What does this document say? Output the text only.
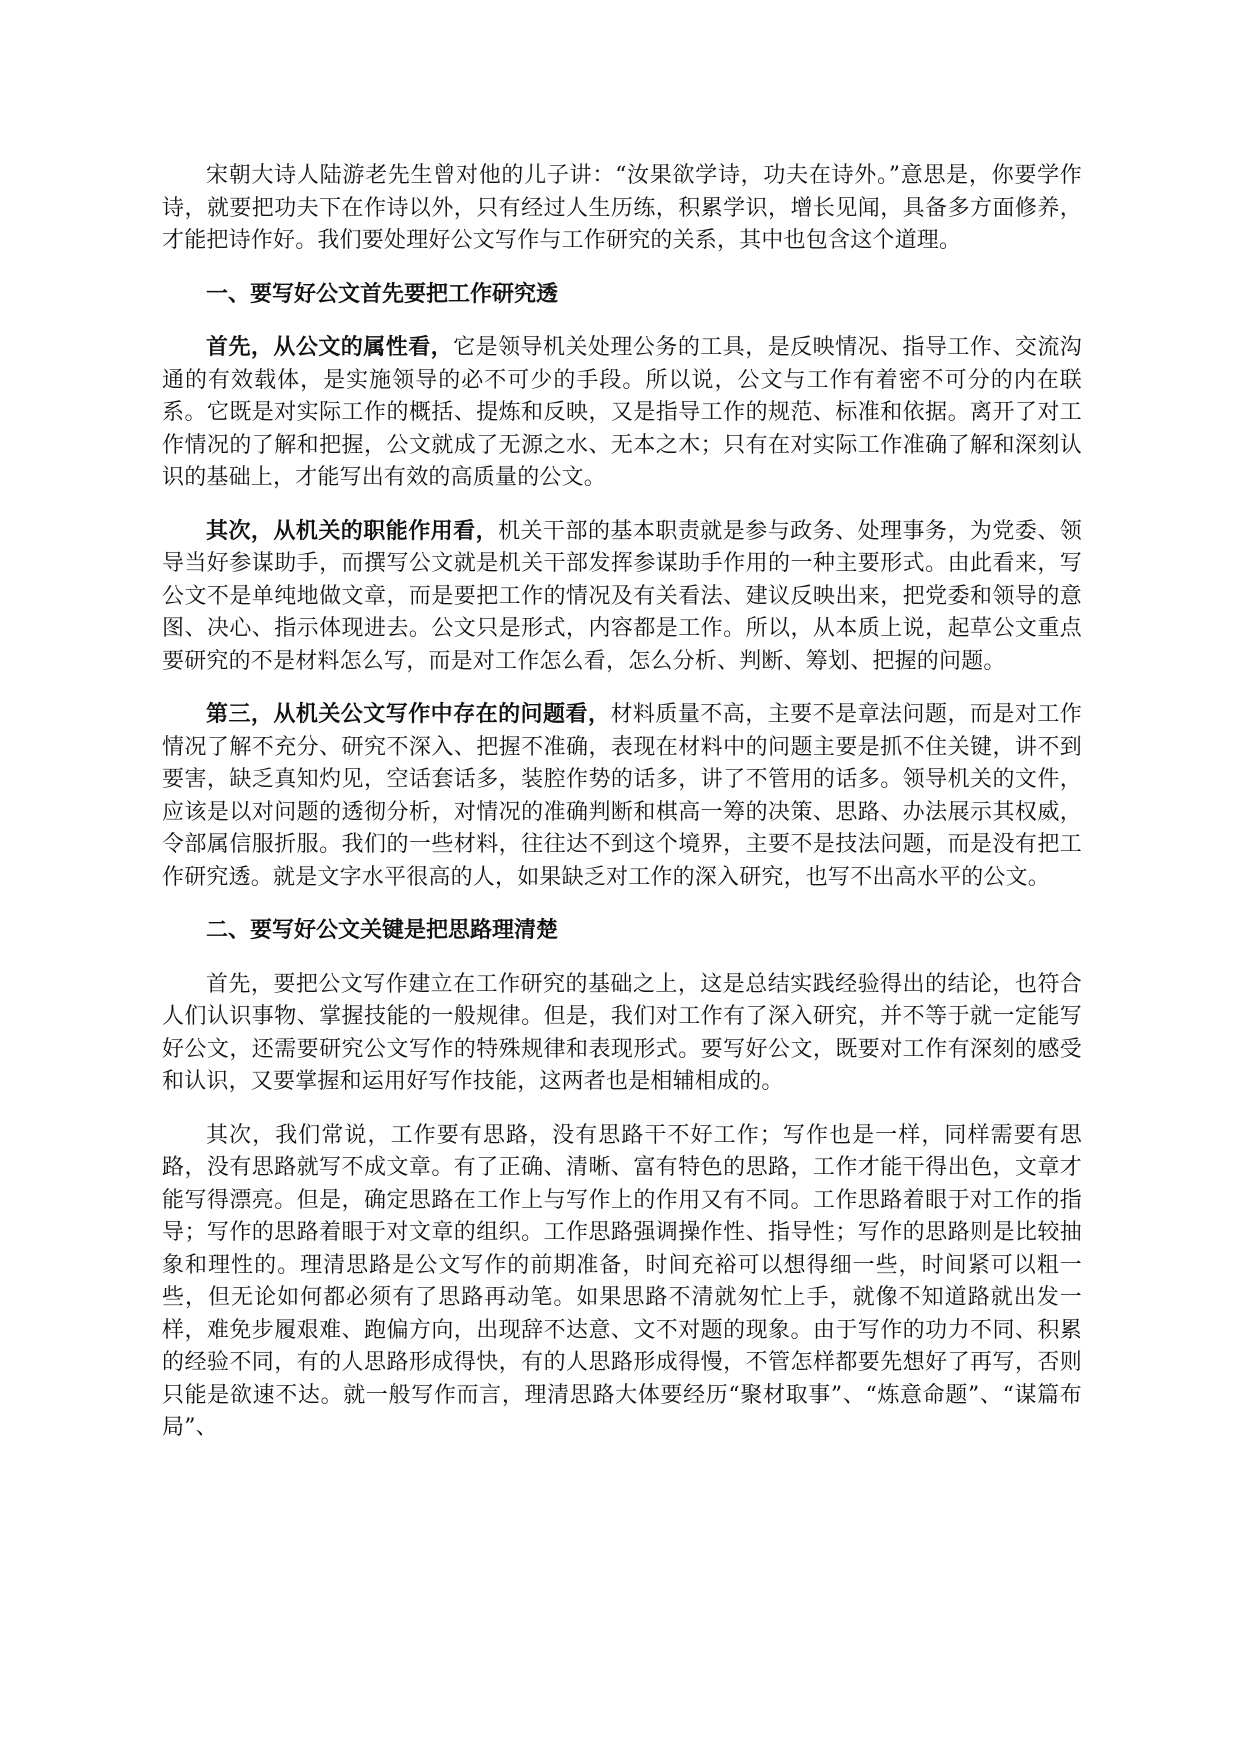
宋朝大诗人陆游老先生曾对他的儿子讲：“汝果欲学诗，功夫在诗外。”意思是，你要学作诗，就要把功夫下在作诗以外，只有经过人生历练，积累学识，增长见闻，具备多方面修养，才能把诗作好。我们要处理好公文写作与工作研究的关系，其中也包含这个道理。

一、要写好公文首先要把工作研究透

首先，从公文的属性看，它是领导机关处理公务的工具，是反映情况、指导工作、交流沟通的有效载体，是实施领导的必不可少的手段。所以说，公文与工作有着密不可分的内在联系。它既是对实际工作的概括、提炼和反映，又是指导工作的规范、标准和依据。离开了对工作情况的了解和把握，公文就成了无源之水、无本之木；只有在对实际工作准确了解和深刻认识的基础上，才能写出有效的高质量的公文。

其次，从机关的职能作用看，机关干部的基本职责就是参与政务、处理事务，为党委、领导当好参谋助手，而撰写公文就是机关干部发挥参谋助手作用的一种主要形式。由此看来，写公文不是单纯地做文章，而是要把工作的情况及有关看法、建议反映出来，把党委和领导的意图、决心、指示体现进去。公文只是形式，内容都是工作。所以，从本质上说，起草公文重点要研究的不是材料怎么写，而是对工作怎么看，怎么分析、判断、筹划、把握的问题。

第三，从机关公文写作中存在的问题看，材料质量不高，主要不是章法问题，而是对工作情况了解不充分、研究不深入、把握不准确，表现在材料中的问题主要是抓不住关键，讲不到要害，缺乏真知灼见，空话套话多，装腔作势的话多，讲了不管用的话多。领导机关的文件，应该是以对问题的透彻分析，对情况的准确判断和棋高一筹的决策、思路、办法展示其权威，令部属信服折服。我们的一些材料，往往达不到这个境界，主要不是技法问题，而是没有把工作研究透。就是文字水平很高的人，如果缺乏对工作的深入研究，也写不出高水平的公文。

二、要写好公文关键是把思路理清楚

首先，要把公文写作建立在工作研究的基础之上，这是总结实践经验得出的结论，也符合人们认识事物、掌握技能的一般规律。但是，我们对工作有了深入研究，并不等于就一定能写好公文，还需要研究公文写作的特殊规律和表现形式。要写好公文，既要对工作有深刻的感受和认识，又要掌握和运用好写作技能，这两者也是相辅相成的。

其次，我们常说，工作要有思路，没有思路干不好工作；写作也是一样，同样需要有思路，没有思路就写不成文章。有了正确、清晰、富有特色的思路，工作才能干得出色，文章才能写得漂亮。但是，确定思路在工作上与写作上的作用又有不同。工作思路着眼于对工作的指导；写作的思路着眼于对文章的组织。工作思路强调操作性、指导性；写作的思路则是比较抽象和理性的。理清思路是公文写作的前期准备，时间充裕可以想得细一些，时间紧可以粗一些，但无论如何都必须有了思路再动笔。如果思路不清就匆忙上手，就像不知道路就出发一样，难免步履艰难、跑偏方向，出现辞不达意、文不对题的现象。由于写作的功力不同、积累的经验不同，有的人思路形成得快，有的人思路形成得慢，不管怎样都要先想好了再写，否则只能是欲速不达。就一般写作而言，理清思路大体要经历“聚材取事”、“炼意命题”、“谋篇布局”、
